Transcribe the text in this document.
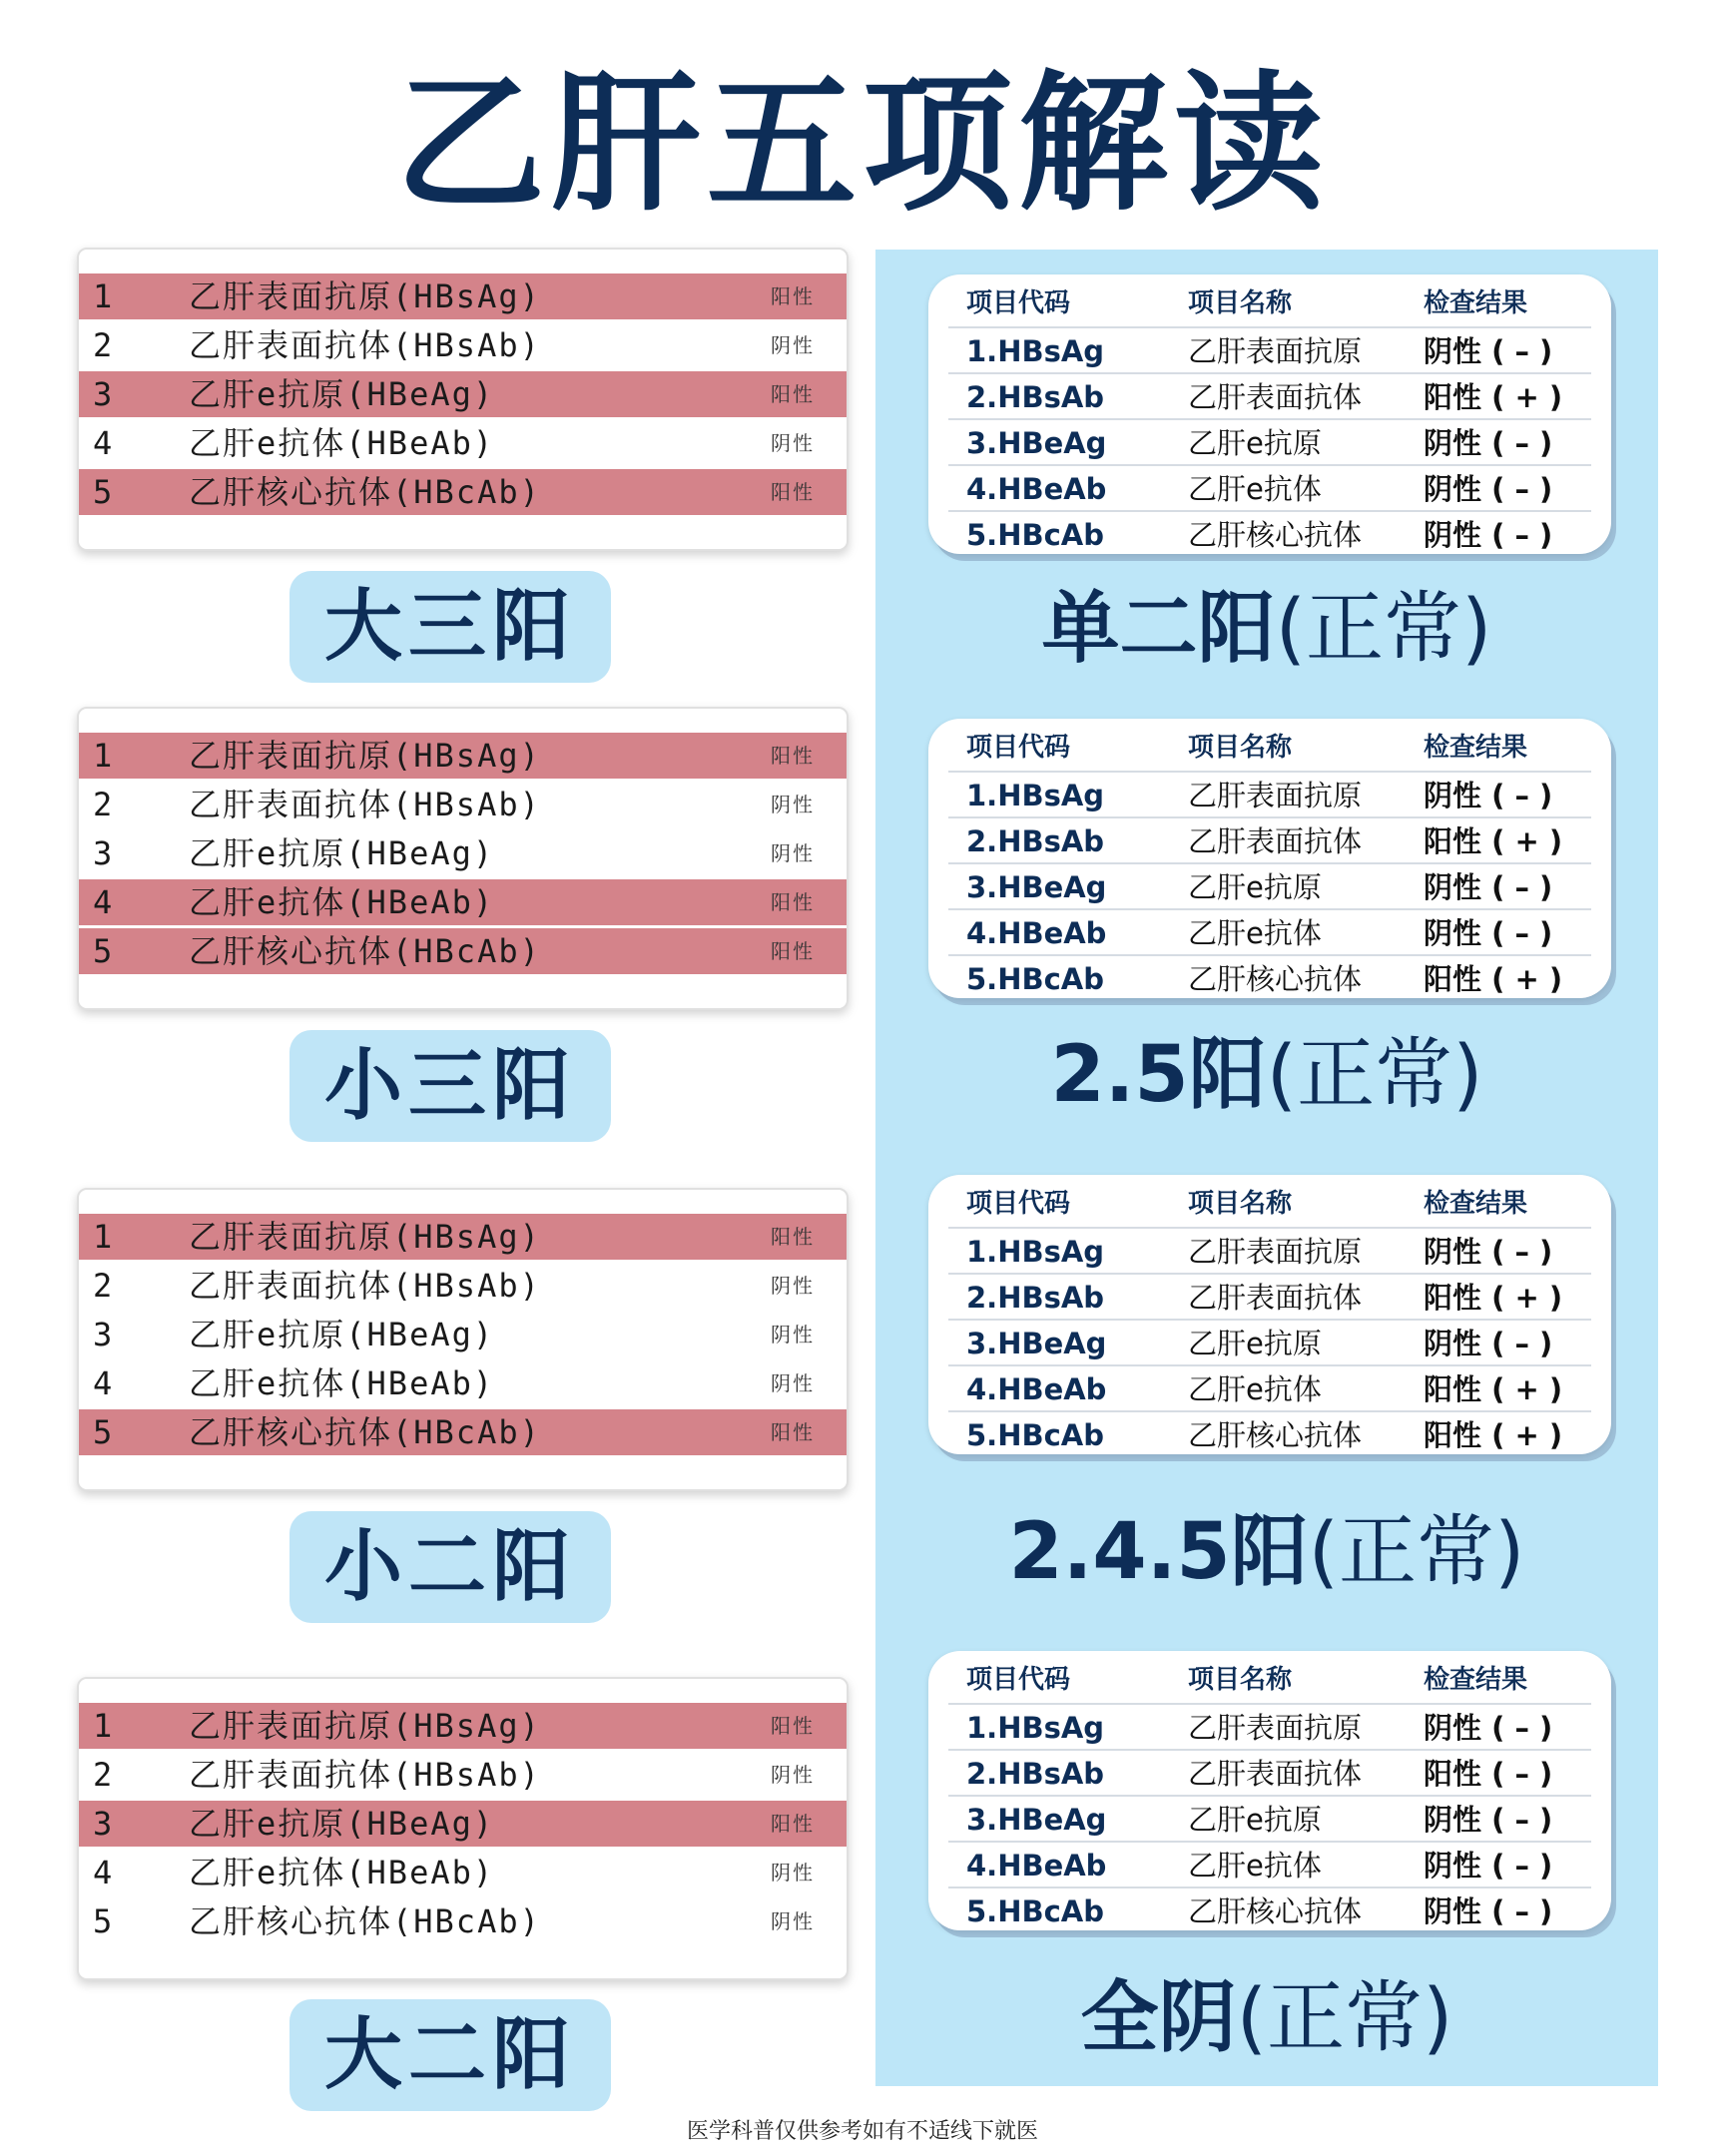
乙肝五项解读
1 乙肝表面抗原(HBsAg)	阳性
2 乙肝表面抗体(HBsAb)	阴性
3 乙肝e抗原(HBeAg)	阳性
4 乙肝e抗体(HBeAb)	阴性
5 乙肝核心抗体(HBcAb)	阳性
大三阳
1 乙肝表面抗原(HBsAg)	阳性
2 乙肝表面抗体(HBsAb)	阴性
3 乙肝e抗原(HBeAg)	阴性
4 乙肝e抗体(HBeAb)	阳性
5 乙肝核心抗体(HBcAb)	阳性
小三阳
1 乙肝表面抗原(HBsAg)	阳性
2 乙肝表面抗体(HBsAb)	阴性
3 乙肝e抗原(HBeAg)	阴性
4 乙肝e抗体(HBeAb)	阴性
5 乙肝核心抗体(HBcAb)	阳性
小二阳
1 乙肝表面抗原(HBsAg)	阳性
2 乙肝表面抗体(HBsAb)	阴性
3 乙肝e抗原(HBeAg)	阳性
4 乙肝e抗体(HBeAb)	阴性
5 乙肝核心抗体(HBcAb)	阴性
大二阳
项目代码	项目名称	检查结果
1.HBsAg	乙肝表面抗原 阴性 ( – )
2.HBsAb	乙肝表面抗体 阳性 ( + )
3.HBeAg	乙肝e抗原	阴性 ( – )
4.HBeAb	乙肝e抗体	阴性 ( – )
5.HBcAb	乙肝核心抗体 阴性 ( – )
单二阳(正常)
项目代码	项目名称	检查结果
1.HBsAg	乙肝表面抗原 阴性 ( – )
2.HBsAb	乙肝表面抗体 阳性 ( + )
3.HBeAg	乙肝e抗原	阴性 ( – )
4.HBeAb	乙肝e抗体	阴性 ( – )
5.HBcAb	乙肝核心抗体 阳性 ( + )
2.5阳(正常)
项目代码	项目名称	检查结果
1.HBsAg	乙肝表面抗原 阴性 ( – )
2.HBsAb	乙肝表面抗体 阳性 ( + )
3.HBeAg	乙肝e抗原	阴性 ( – )
4.HBeAb	乙肝e抗体	阳性 ( + )
5.HBcAb	乙肝核心抗体 阳性 ( + )
2.4.5阳(正常)
项目代码	项目名称	检查结果
1.HBsAg	乙肝表面抗原 阴性 ( – )
2.HBsAb	乙肝表面抗体 阳性 ( – )
3.HBeAg	乙肝e抗原	阴性 ( – )
4.HBeAb	乙肝e抗体	阴性 ( – )
5.HBcAb	乙肝核心抗体 阴性 ( – )
全阴(正常)
医学科普仅供参考如有不适线下就医
